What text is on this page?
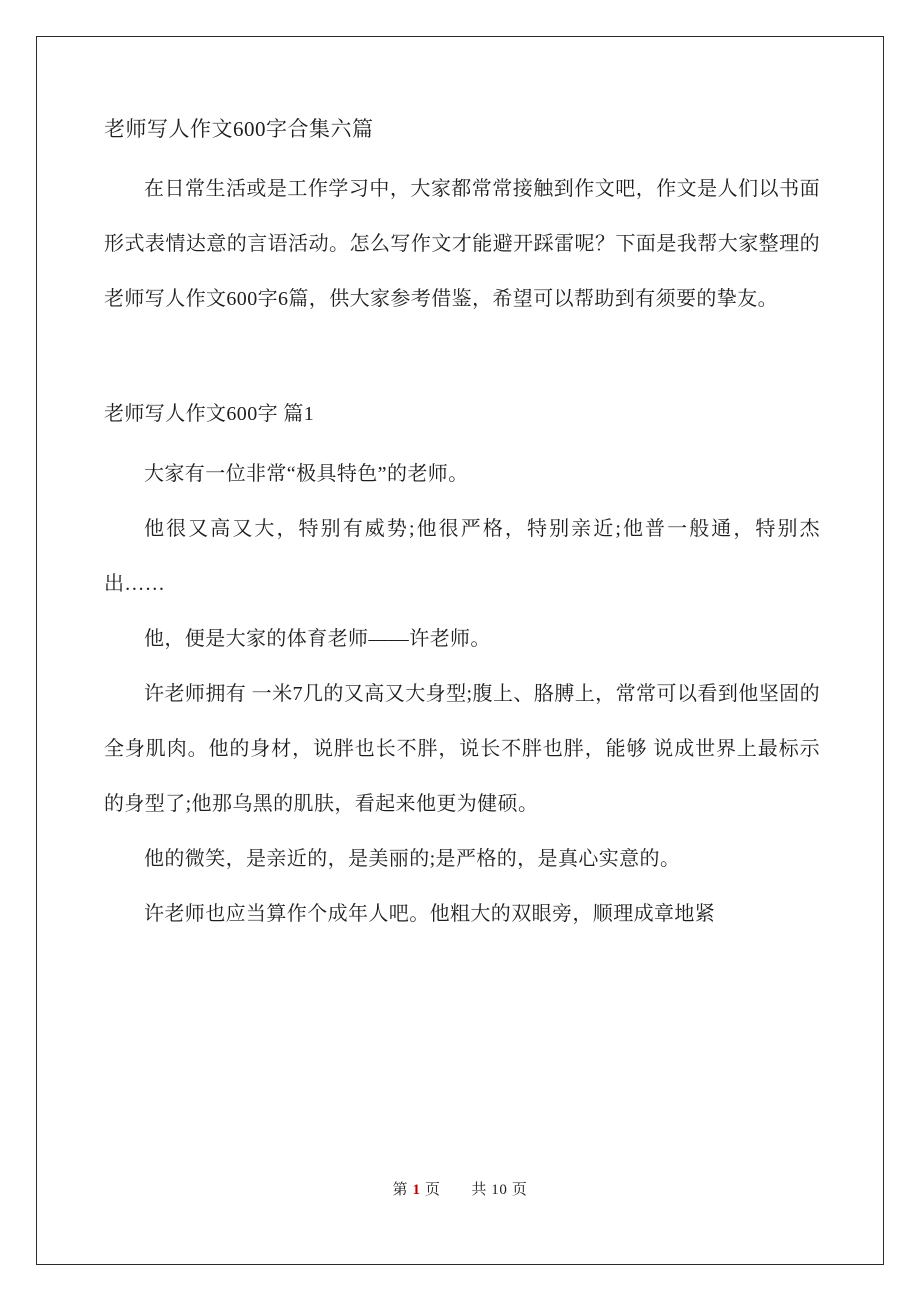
老师写人作文600字合集六篇

在日常生活或是工作学习中，大家都常常接触到作文吧，作文是人们以书面形式表情达意的言语活动。怎么写作文才能避开踩雷呢？下面是我帮大家整理的老师写人作文600字6篇，供大家参考借鉴，希望可以帮助到有须要的挚友。

老师写人作文600字 篇1

大家有一位非常“极具特色”的老师。

他很又高又大，特别有威势;他很严格，特别亲近;他普一般通，特别杰出……

他，便是大家的体育老师——许老师。

许老师拥有 一米7几的又高又大身型;腹上、胳膊上，常常可以看到他坚固的全身肌肉。他的身材，说胖也长不胖，说长不胖也胖，能够 说成世界上最标示的身型了;他那乌黑的肌肤，看起来他更为健硕。

他的微笑，是亲近的，是美丽的;是严格的，是真心实意的。

许老师也应当算作个成年人吧。他粗大的双眼旁，顺理成章地紧

第 1 页 共 10 页
